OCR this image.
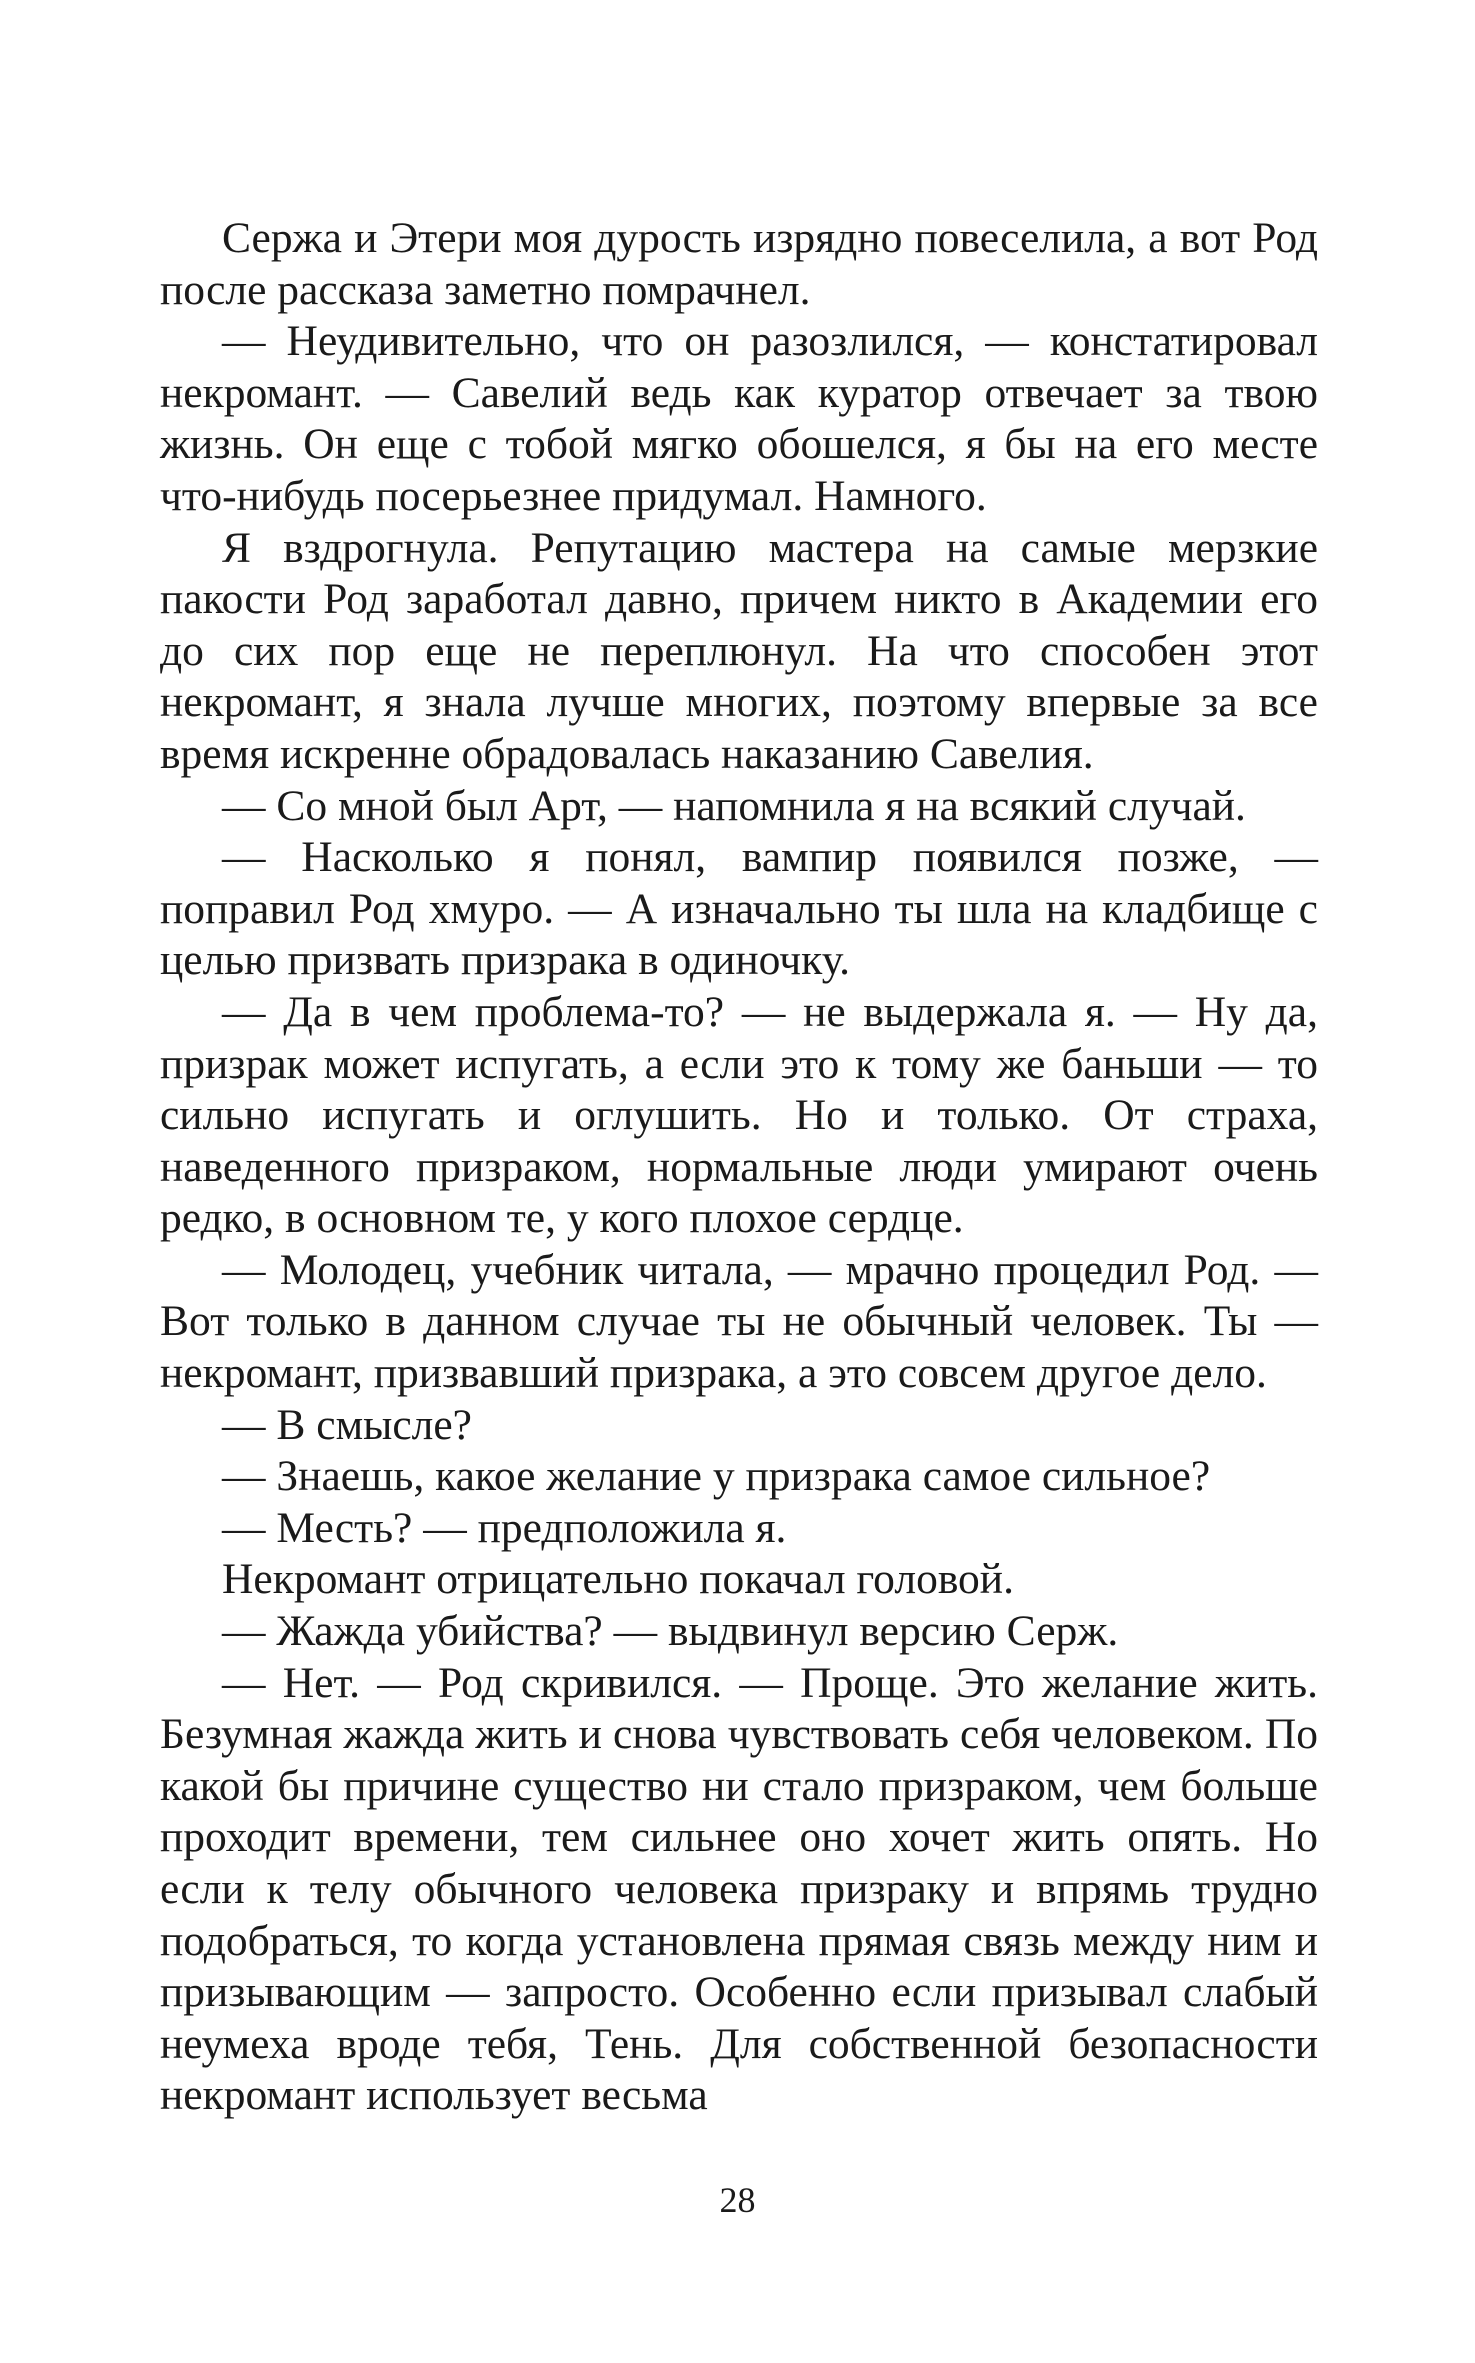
Сержа и Этери моя дурость изрядно повеселила, а вот Род после рассказа заметно помрачнел.

— Неудивительно, что он разозлился, — констатировал некромант. — Савелий ведь как куратор отвечает за твою жизнь. Он еще с тобой мягко обошелся, я бы на его месте что-нибудь посерьезнее придумал. Намного.

Я вздрогнула. Репутацию мастера на самые мерзкие пакости Род заработал давно, причем никто в Академии его до сих пор еще не переплюнул. На что способен этот некромант, я знала лучше многих, поэтому впервые за все время искренне обрадовалась наказанию Савелия.

— Со мной был Арт, — напомнила я на всякий случай.

— Насколько я понял, вампир появился позже, — поправил Род хмуро. — А изначально ты шла на кладбище с целью призвать призрака в одиночку.

— Да в чем проблема-то? — не выдержала я. — Ну да, призрак может испугать, а если это к тому же баньши — то сильно испугать и оглушить. Но и только. От страха, наведенного призраком, нормальные люди умирают очень редко, в основном те, у кого плохое сердце.

— Молодец, учебник читала, — мрачно процедил Род. — Вот только в данном случае ты не обычный человек. Ты — некромант, призвавший призрака, а это совсем другое дело.

— В смысле?

— Знаешь, какое желание у призрака самое сильное?

— Месть? — предположила я.

Некромант отрицательно покачал головой.

— Жажда убийства? — выдвинул версию Серж.

— Нет. — Род скривился. — Проще. Это желание жить. Безумная жажда жить и снова чувствовать себя человеком. По какой бы причине существо ни стало призраком, чем больше проходит времени, тем сильнее оно хочет жить опять. Но если к телу обычного человека призраку и впрямь трудно подобраться, то когда установлена прямая связь между ним и призывающим — запросто. Особенно если призывал слабый неумеха вроде тебя, Тень. Для собственной безопасности некромант использует весьма

28
